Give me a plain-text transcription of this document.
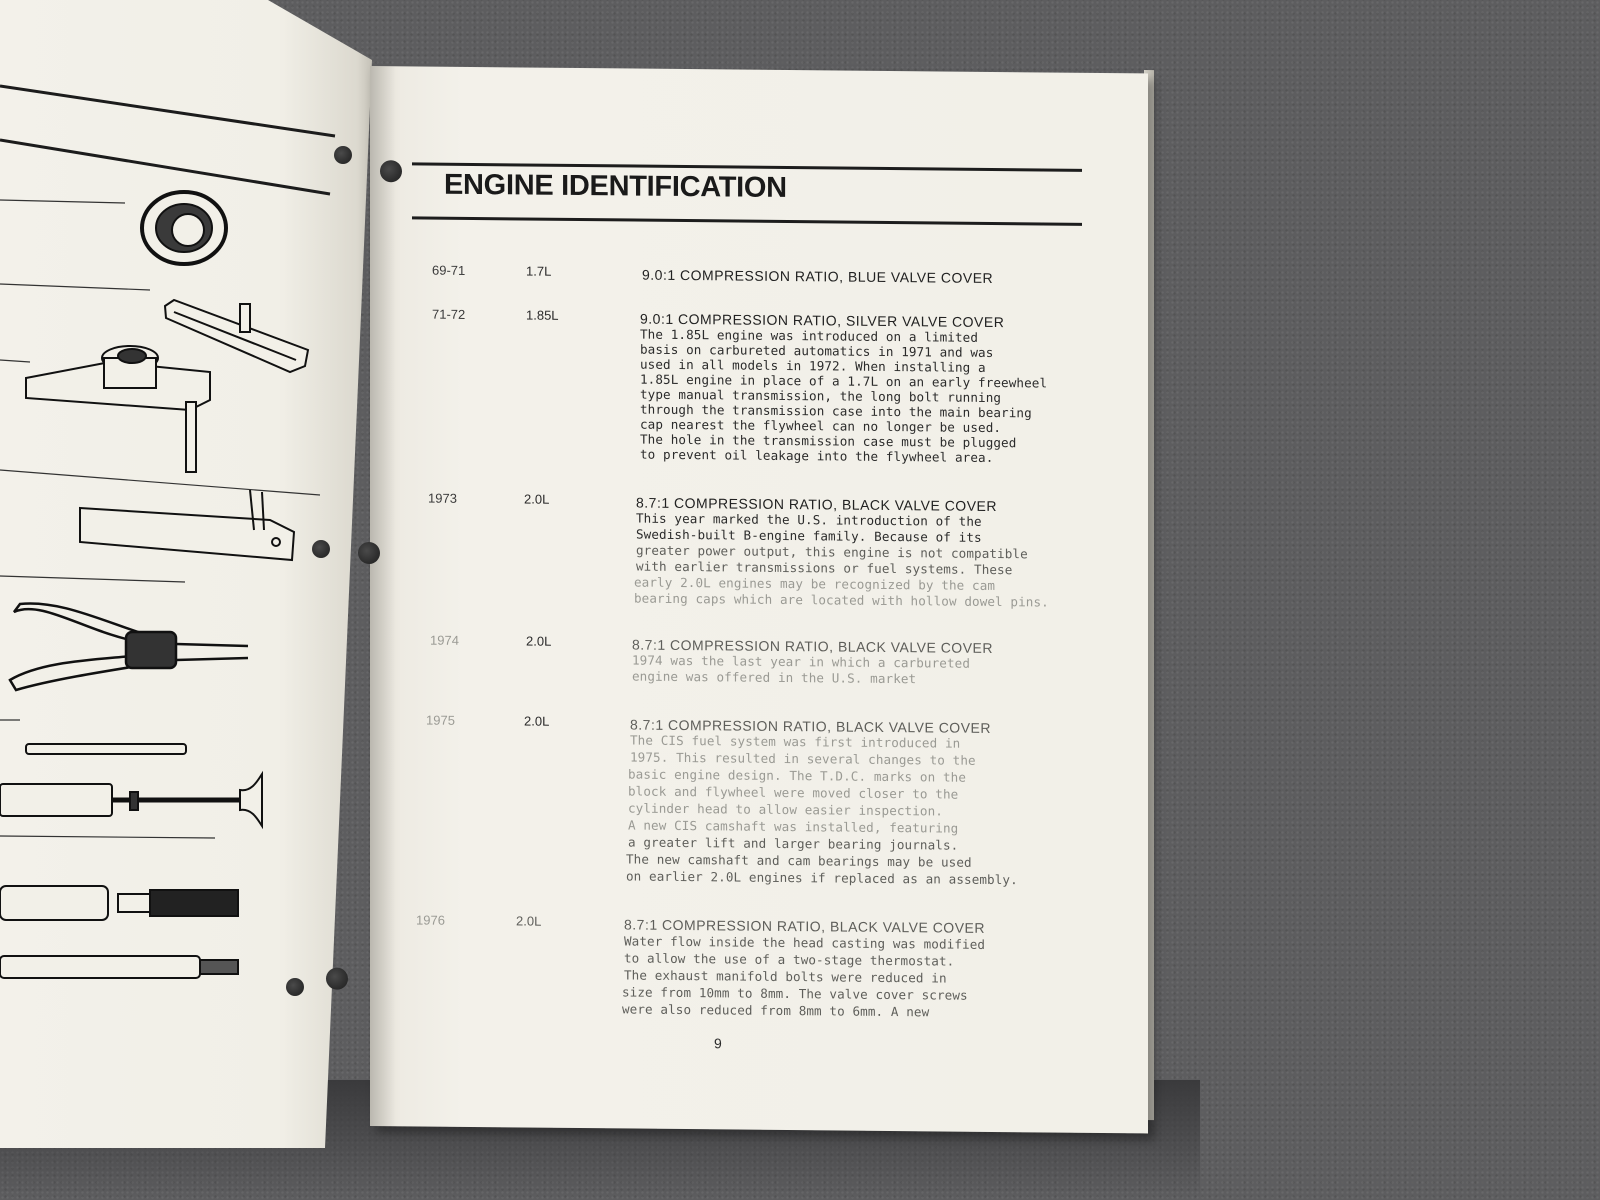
ENGINE IDENTIFICATION
69-71	1.7L	9.0:1 COMPRESSION RATIO, BLUE VALVE COVER
71-72	1.85L	9.0:1 COMPRESSION RATIO, SILVER VALVE COVER
The 1.85L engine was introduced on a limited
basis on carbureted automatics in 1971 and was
used in all models in 1972. When installing a
1.85L engine in place of a 1.7L on an early freewheel
type manual transmission, the long bolt running
through the transmission case into the main bearing
cap nearest the flywheel can no longer be used.
The hole in the transmission case must be plugged
to prevent oil leakage into the flywheel area.
1973	2.0L	8.7:1 COMPRESSION RATIO, BLACK VALVE COVER
This year marked the U.S. introduction of the
Swedish-built B-engine family. Because of its
greater power output, this engine is not compatible
with earlier transmissions or fuel systems. These
early 2.0L engines may be recognized by the cam
bearing caps which are located with hollow dowel pins.
1974	2.0L	8.7:1 COMPRESSION RATIO, BLACK VALVE COVER
1974 was the last year in which a carbureted
engine was offered in the U.S. market
1975	2.0L	8.7:1 COMPRESSION RATIO, BLACK VALVE COVER
The CIS fuel system was first introduced in
1975. This resulted in several changes to the
basic engine design. The T.D.C. marks on the
block and flywheel were moved closer to the
cylinder head to allow easier inspection.
A new CIS camshaft was installed, featuring
a greater lift and larger bearing journals.
The new camshaft and cam bearings may be used
on earlier 2.0L engines if replaced as an assembly.
1976	2.0L	8.7:1 COMPRESSION RATIO, BLACK VALVE COVER
Water flow inside the head casting was modified
to allow the use of a two-stage thermostat.
The exhaust manifold bolts were reduced in
size from 10mm to 8mm. The valve cover screws
were also reduced from 8mm to 6mm. A new
9
